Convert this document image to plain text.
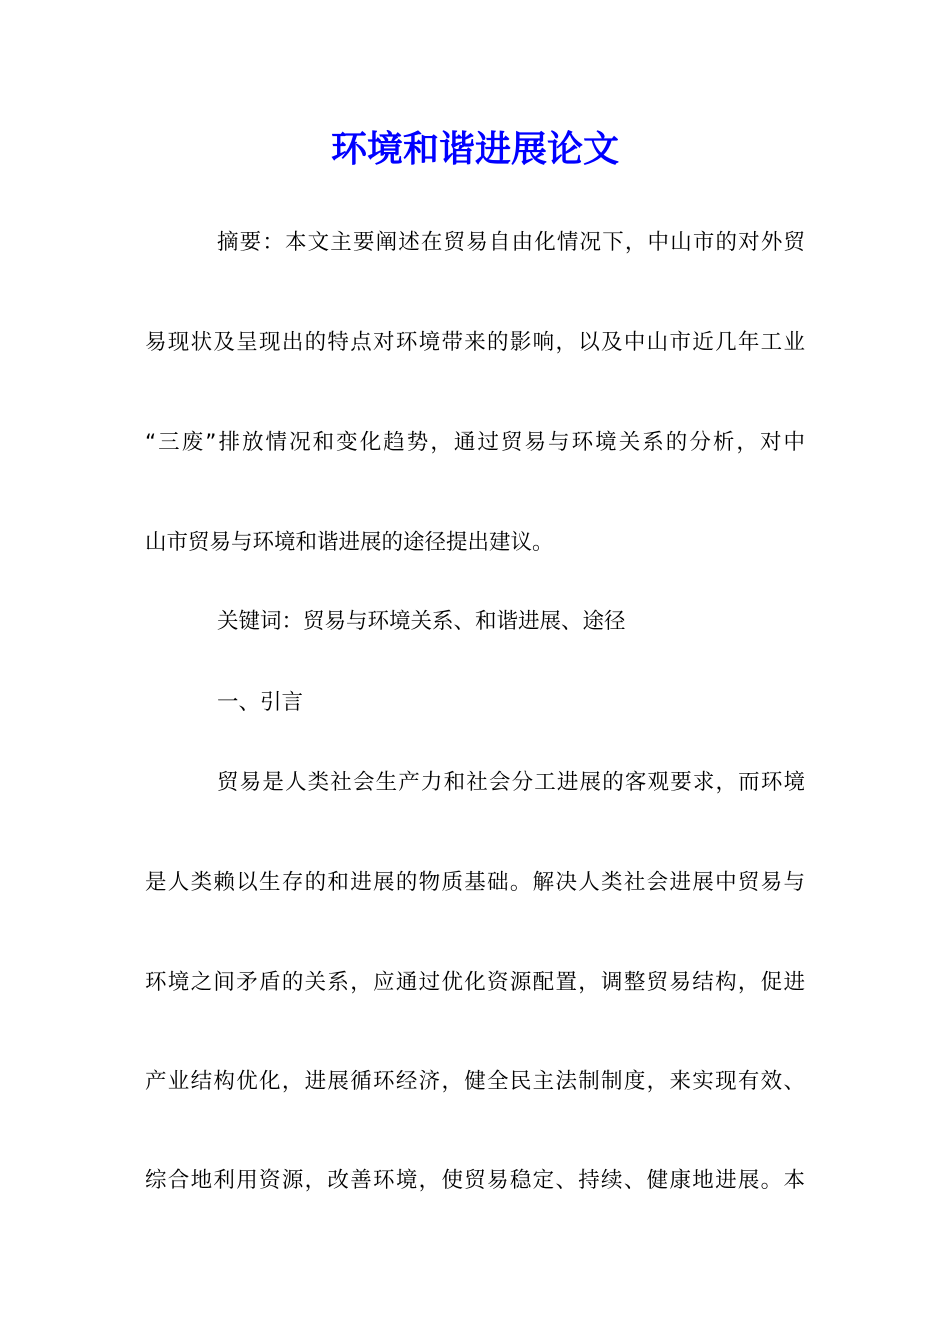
环境和谐进展论文

摘要：本文主要阐述在贸易自由化情况下，中山市的对外贸

易现状及呈现出的特点对环境带来的影响，以及中山市近几年工业

“三废”排放情况和变化趋势，通过贸易与环境关系的分析，对中

山市贸易与环境和谐进展的途径提出建议。

关键词：贸易与环境关系、和谐进展、途径

一、引言

贸易是人类社会生产力和社会分工进展的客观要求，而环境

是人类赖以生存的和进展的物质基础。解决人类社会进展中贸易与

环境之间矛盾的关系，应通过优化资源配置，调整贸易结构，促进

产业结构优化，进展循环经济，健全民主法制制度，来实现有效、

综合地利用资源，改善环境，使贸易稳定、持续、健康地进展。本
